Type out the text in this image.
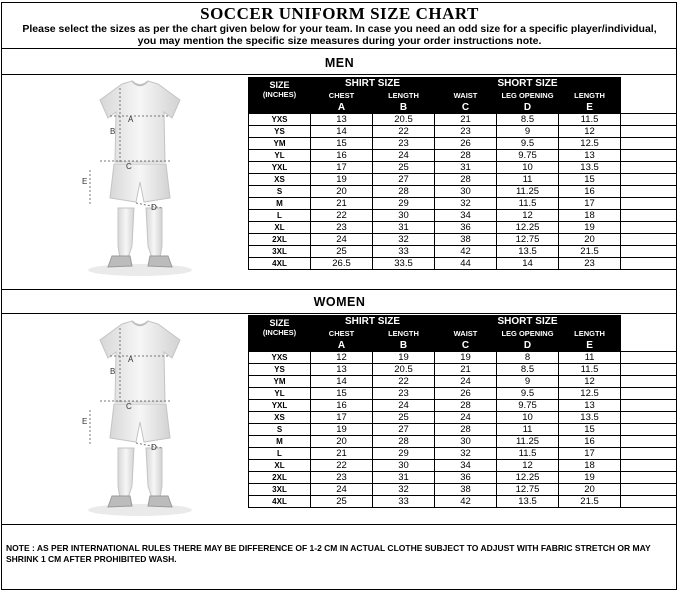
SOCCER UNIFORM SIZE CHART
Please select the sizes as per the chart given below for your team. In case you need an odd size for a specific player/individual, you may mention the specific size measures during your order instructions note.
MEN
A
B
C
D
E
SIZE
(INCHES)	SHIRT SIZE		SHORT SIZE			
	CHEST	LENGTH	WAIST	LEG OPENING	LENGTH	
	A	B	C	D	E	
YXS	13	20.5	21	8.5	11.5	
YS	14	22	23	9	12	
YM	15	23	26	9.5	12.5	
YL	16	24	28	9.75	13	
YXL	17	25	31	10	13.5	
XS	19	27	28	11	15	
S	20	28	30	11.25	16	
M	21	29	32	11.5	17	
L	22	30	34	12	18	
XL	23	31	36	12.25	19	
2XL	24	32	38	12.75	20	
3XL	25	33	42	13.5	21.5	
4XL	26.5	33.5	44	14	23	
WOMEN
A
B
C
D
E
SIZE
(INCHES)	SHIRT SIZE		SHORT SIZE			
	CHEST	LENGTH	WAIST	LEG OPENING	LENGTH	
	A	B	C	D	E	
YXS	12	19	19	8	11	
YS	13	20.5	21	8.5	11.5	
YM	14	22	24	9	12	
YL	15	23	26	9.5	12.5	
YXL	16	24	28	9.75	13	
XS	17	25	24	10	13.5	
S	19	27	28	11	15	
M	20	28	30	11.25	16	
L	21	29	32	11.5	17	
XL	22	30	34	12	18	
2XL	23	31	36	12.25	19	
3XL	24	32	38	12.75	20	
4XL	25	33	42	13.5	21.5	
NOTE : AS PER INTERNATIONAL RULES THERE MAY BE DIFFERENCE OF 1-2 CM IN ACTUAL CLOTHE SUBJECT TO ADJUST WITH FABRIC STRETCH OR MAY SHRINK 1 CM AFTER PROHIBITED WASH.
